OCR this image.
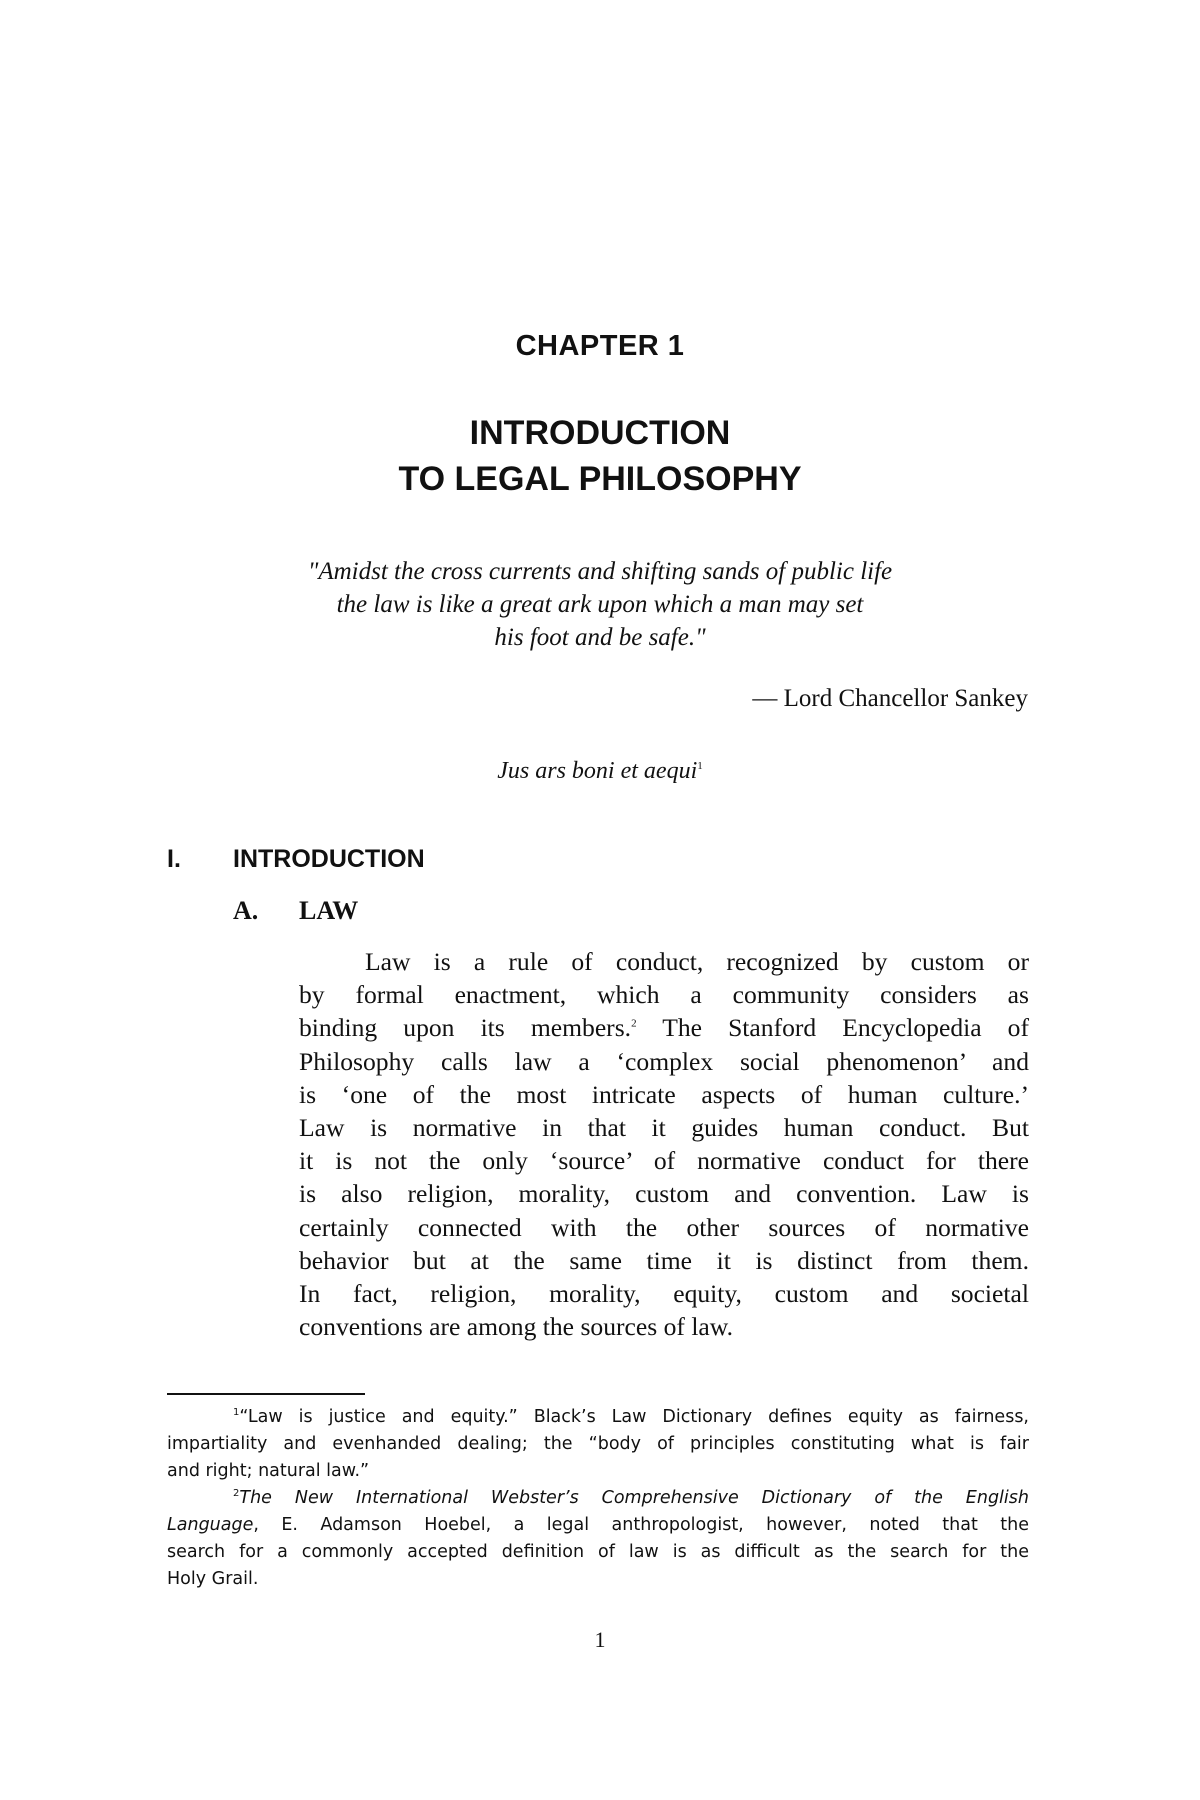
CHAPTER 1
INTRODUCTION
TO LEGAL PHILOSOPHY
"Amidst the cross currents and shifting sands of public life
the law is like a great ark upon which a man may set
his foot and be safe."
— Lord Chancellor Sankey
Jus ars boni et aequi$^1$
I. INTRODUCTION
A. LAW
Law is a rule of conduct, recognized by custom or
by formal enactment, which a community considers as
binding upon its members.$^2$ The Stanford Encyclopedia of
Philosophy calls law a ‘complex social phenomenon’ and
is ‘one of the most intricate aspects of human culture.’
Law is normative in that it guides human conduct. But
it is not the only ‘source’ of normative conduct for there
is also religion, morality, custom and convention. Law is
certainly connected with the other sources of normative
behavior but at the same time it is distinct from them.
In fact, religion, morality, equity, custom and societal
conventions are among the sources of law.
$^1$“Law is justice and equity.” Black’s Law Dictionary defines equity as fairness,
impartiality and evenhanded dealing; the “body of principles constituting what is fair
and right; natural law.”
$^2$The New International Webster’s Comprehensive Dictionary of the English
Language, E. Adamson Hoebel, a legal anthropologist, however, noted that the
search for a commonly accepted definition of law is as difficult as the search for the
Holy Grail.
1
